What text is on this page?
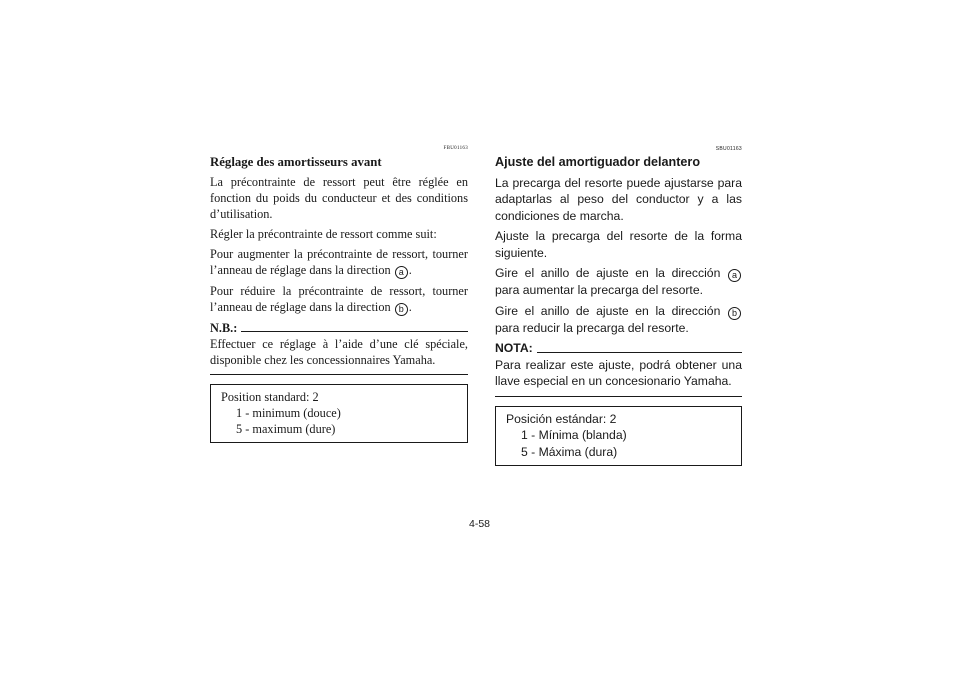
FBU01163
Réglage des amortisseurs avant

La précontrainte de ressort peut être réglée en fonction du poids du conducteur et des conditions d’utilisation.

Régler la précontrainte de ressort comme suit:

Pour augmenter la précontrainte de ressort, tourner l’anneau de réglage dans la direction a .

Pour réduire la précontrainte de ressort, tourner l’anneau de réglage dans la direction b .

N.B.:

Effectuer ce réglage à l’aide d’une clé spéciale, disponible chez les concessionnaires Yamaha.

Position standard: 2

1 - minimum (douce)

5 - maximum (dure)

SBU01163
Ajuste del amortiguador delantero

La precarga del resorte puede ajustarse para adaptarlas al peso del conductor y a las condiciones de marcha.

Ajuste la precarga del resorte de la forma siguiente.

Gire el anillo de ajuste en la dirección a para aumentar la precarga del resorte.

Gire el anillo de ajuste en la dirección b para reducir la precarga del resorte.

NOTA:

Para realizar este ajuste, podrá obtener una llave especial en un concesionario Yamaha.

Posición estándar: 2

1 - Mínima (blanda)

5 - Máxima (dura)

4-58
